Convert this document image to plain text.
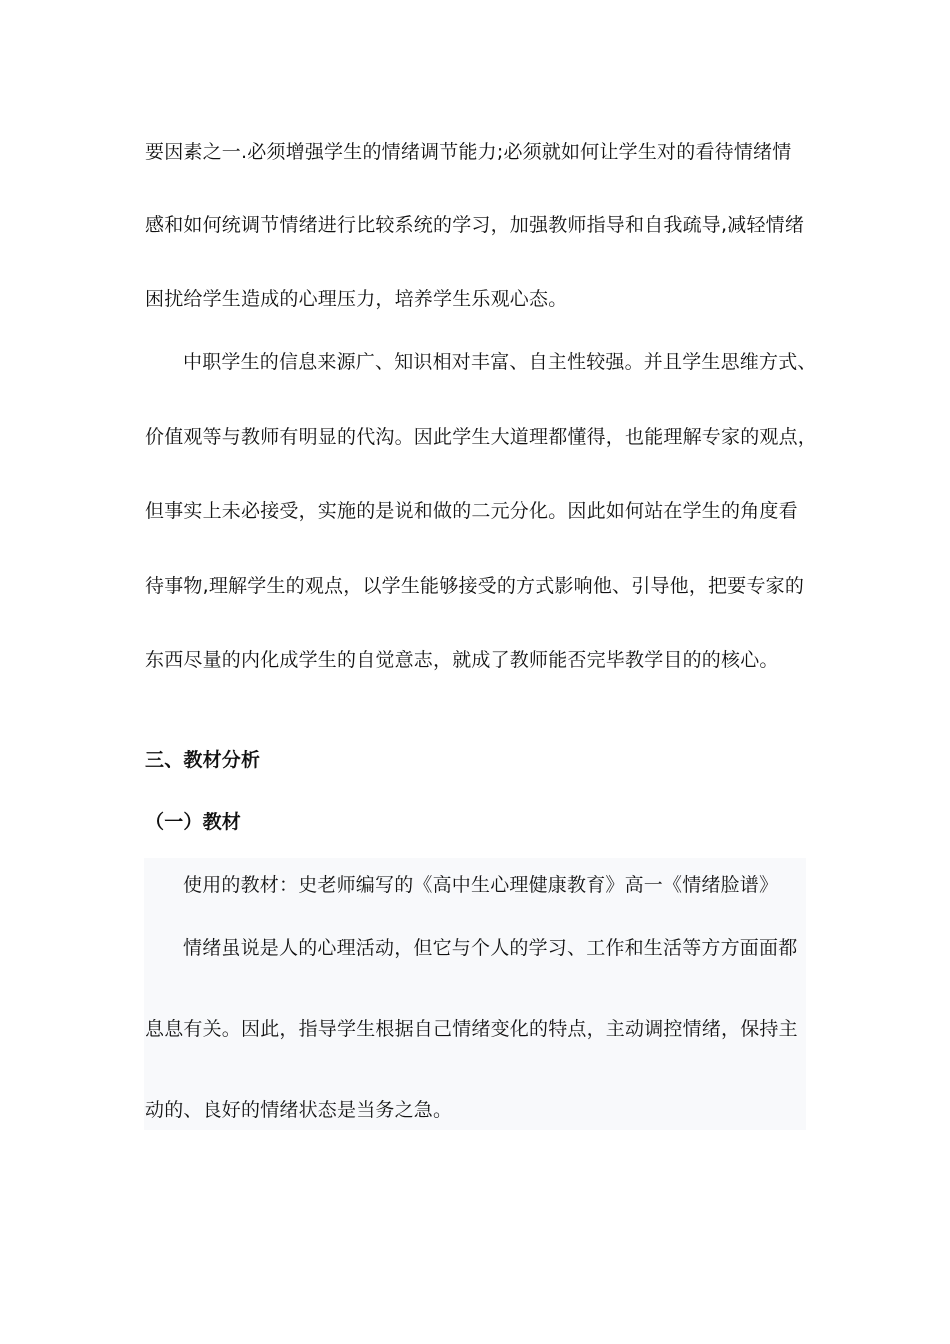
要因素之一.必须增强学生的情绪调节能力;必须就如何让学生对的看待情绪情
感和如何统调节情绪进行比较系统的学习，加强教师指导和自我疏导,减轻情绪
困扰给学生造成的心理压力，培养学生乐观心态。
中职学生的信息来源广、知识相对丰富、自主性较强。并且学生思维方式、
价值观等与教师有明显的代沟。因此学生大道理都懂得，也能理解专家的观点，
但事实上未必接受，实施的是说和做的二元分化。因此如何站在学生的角度看
待事物,理解学生的观点，以学生能够接受的方式影响他、引导他，把要专家的
东西尽量的内化成学生的自觉意志，就成了教师能否完毕教学目的的核心。
三、教材分析
（一）教材
使用的教材：史老师编写的《高中生心理健康教育》高一《情绪脸谱》
情绪虽说是人的心理活动，但它与个人的学习、工作和生活等方方面面都
息息有关。因此，指导学生根据自己情绪变化的特点，主动调控情绪，保持主
动的、良好的情绪状态是当务之急。
